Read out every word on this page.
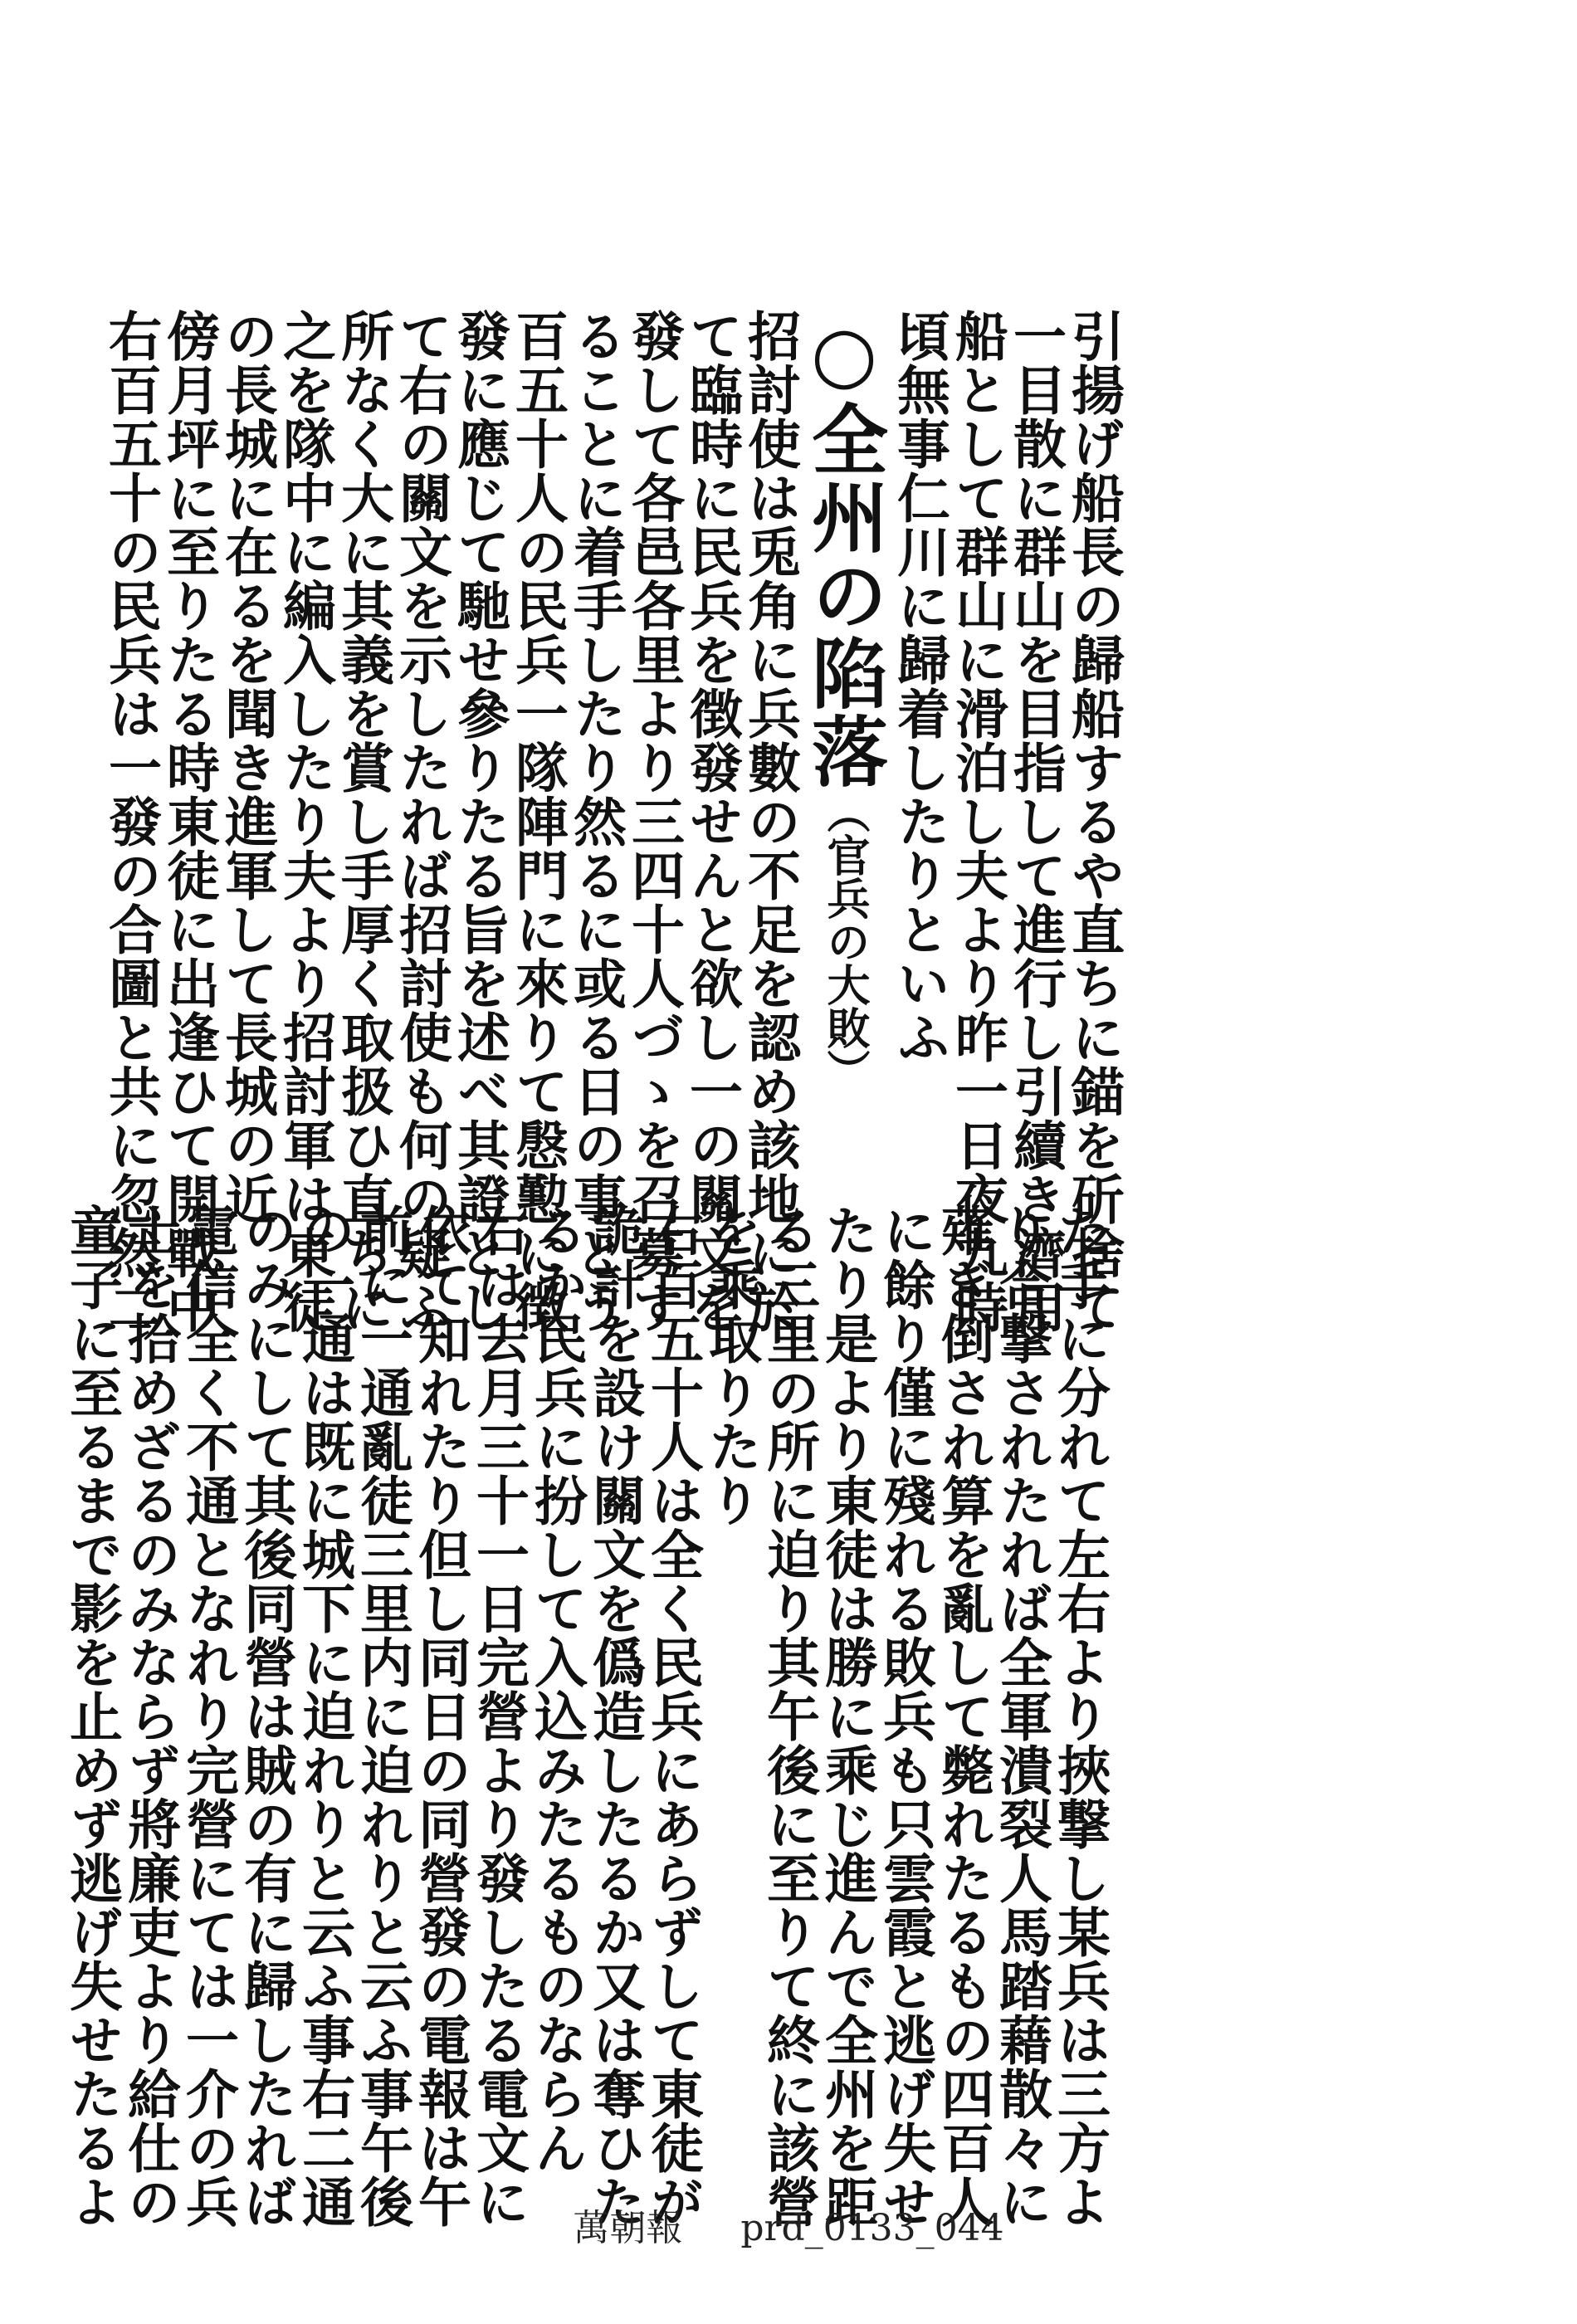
引揚げ船長の歸船するや直ちに錨を斫捨て
一目散に群山を目指して進行し引續き濟用
船として群山に滑泊し夫より昨一日夜九時
頃無事仁川に歸着したりといふ
○全州の陷落（官兵の大敗）
招討使は兎角に兵數の不足を認め該地に於
て臨時に民兵を徴發せんと欲し一の關文を
發して各邑各里より三四十人づゝを召募す
ることに着手したり然るに或る日の事とう
百五十人の民兵一隊陣門に來りて慇懃に徴
發に應じて馳せ參りたる旨を述べ其證とし
て右の關文を示したれば招討使も何の疑ふ
所なく大に其義を賞し手厚く取扱ひ直ちに
之を隊中に編入したり夫より招討軍は東徒
の長城に在るを聞き進軍して長城の近
傍月坪に至りたる時東徒に出逢ひて開戰中
右百五十の民兵は一發の合圖と共に忽然二
た手に分れて左右より挾撃し某兵は三方よ
り合撃されたれば全軍潰裂人馬踏藉散々に
薙ぎ倒され算を亂して斃れたるもの四百人
に餘り僅に殘れる敗兵も只雲霞と逃げ失せ
たり是より東徒は勝に乘じ進んで全州を距
る三里の所に迫り其午後に至りて終に該營
を乘取りたり
右百五十人は全く民兵にあらずして東徒が
詭計を設け關文を僞造したるか又は奪ひた
るか民兵に扮して入込みたるものならん
右は去月三十一日完營より發したる電文に
依て知れたり但し同日の同營發の電報は午
前に一通亂徒三里内に迫れりと云ふ事午後
の一通は既に城下に迫れりと云ふ事右二通
のみにして其後同營は賊の有に歸したれば
電信全く不通となれり完營にては一介の兵
士を拾めざるのみならず將廉吏より給仕の
童子に至るまで影を止めず逃げ失せたるよ	萬朝報 prd_0133_044
